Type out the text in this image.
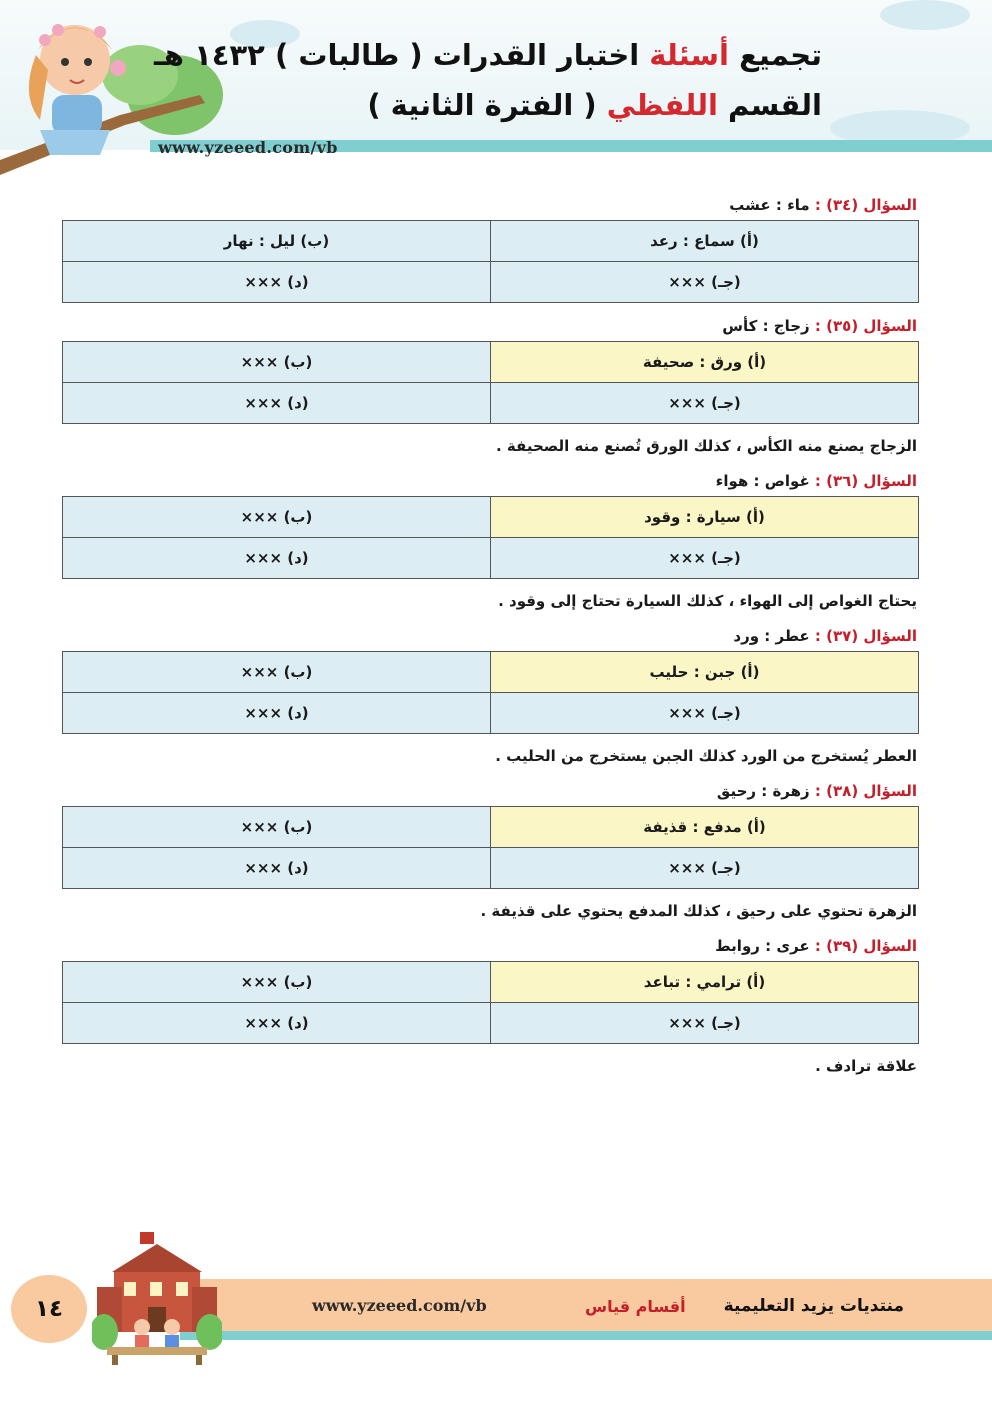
تجميع أسئلة اختبار القدرات ( طالبات ) ١٤٣٢ هـ
القسم اللفظي ( الفترة الثانية )
www.yzeeed.com/vb
السؤال (٣٤) : ماء : عشب
(أ) سماع : رعد	(ب) ليل : نهار
(جـ) ×××	(د) ×××
السؤال (٣٥) : زجاج : كأس
(أ) ورق : صحيفة	(ب) ×××
(جـ) ×××	(د) ×××
الزجاج يصنع منه الكأس ، كذلك الورق تُصنع منه الصحيفة .
السؤال (٣٦) : غواص : هواء
(أ) سيارة : وقود	(ب) ×××
(جـ) ×××	(د) ×××
يحتاج الغواص إلى الهواء ، كذلك السيارة تحتاج إلى وقود .
السؤال (٣٧) : عطر : ورد
(أ) جبن : حليب	(ب) ×××
(جـ) ×××	(د) ×××
العطر يُستخرج من الورد كذلك الجبن يستخرج من الحليب .
السؤال (٣٨) : زهرة : رحيق
(أ) مدفع : قذيفة	(ب) ×××
(جـ) ×××	(د) ×××
الزهرة تحتوي على رحيق ، كذلك المدفع يحتوي على قذيفة .
السؤال (٣٩) : عرى : روابط
(أ) ترامي : تباعد	(ب) ×××
(جـ) ×××	(د) ×××
علاقة ترادف .
١٤	www.yzeeed.com/vb	أقسام قياس منتديات يزيد التعليمية
